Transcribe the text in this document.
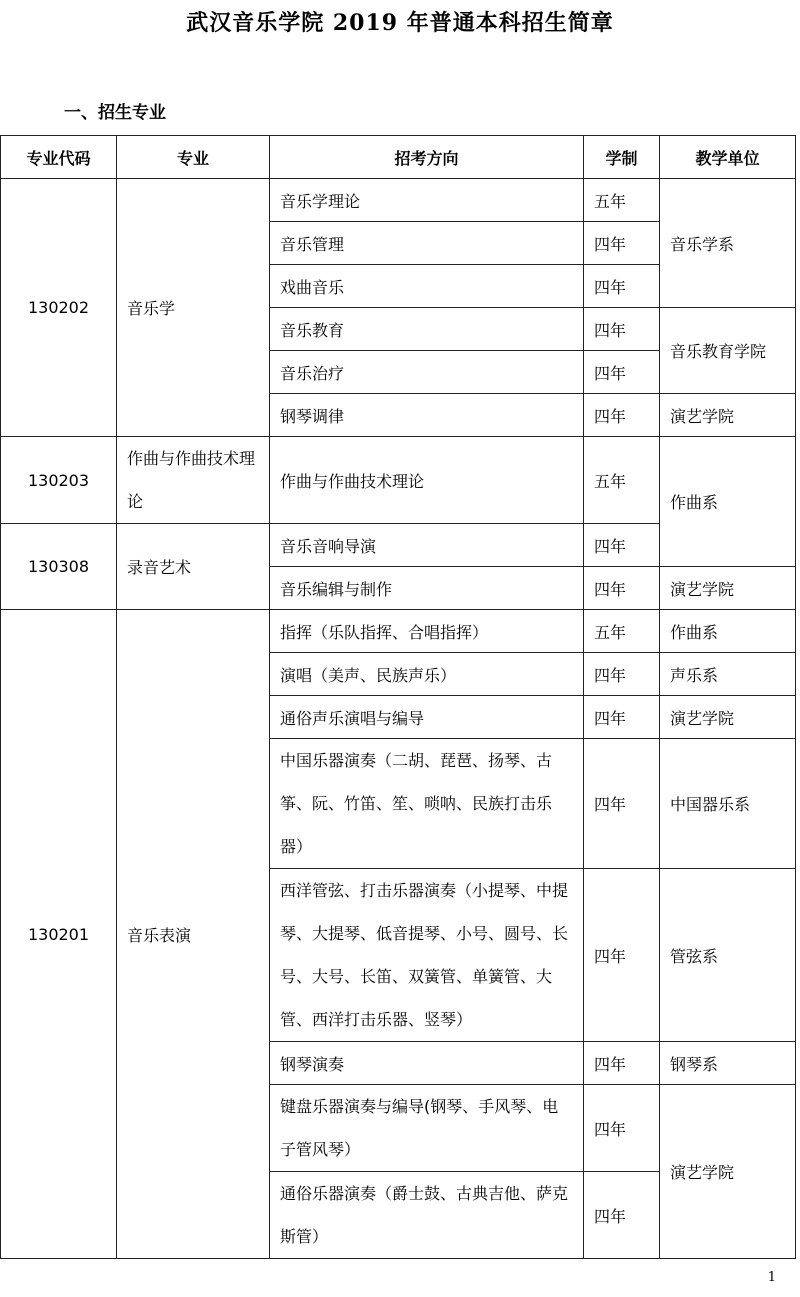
武汉音乐学院 2019 年普通本科招生简章
一、招生专业
专业代码	专业	招考方向	学制	教学单位
130202	音乐学	音乐学理论	五年	音乐学系
		音乐管理	四年	
		戏曲音乐	四年	
		音乐教育	四年	音乐教育学院
		音乐治疗	四年	
		钢琴调律	四年	演艺学院
130203	作曲与作曲技术理论	作曲与作曲技术理论	五年	作曲系
130308	录音艺术	音乐音响导演	四年	
		音乐编辑与制作	四年	演艺学院
130201	音乐表演	指挥（乐队指挥、合唱指挥）	五年	作曲系
		演唱（美声、民族声乐）	四年	声乐系
		通俗声乐演唱与编导	四年	演艺学院
		中国乐器演奏（二胡、琵琶、扬琴、古筝、阮、竹笛、笙、唢呐、民族打击乐器）	四年	中国器乐系
		西洋管弦、打击乐器演奏（小提琴、中提琴、大提琴、低音提琴、小号、圆号、长号、大号、长笛、双簧管、单簧管、大管、西洋打击乐器、竖琴）	四年	管弦系
		钢琴演奏	四年	钢琴系
		键盘乐器演奏与编导(钢琴、手风琴、电子管风琴）	四年	演艺学院
		通俗乐器演奏（爵士鼓、古典吉他、萨克斯管）	四年	
1
